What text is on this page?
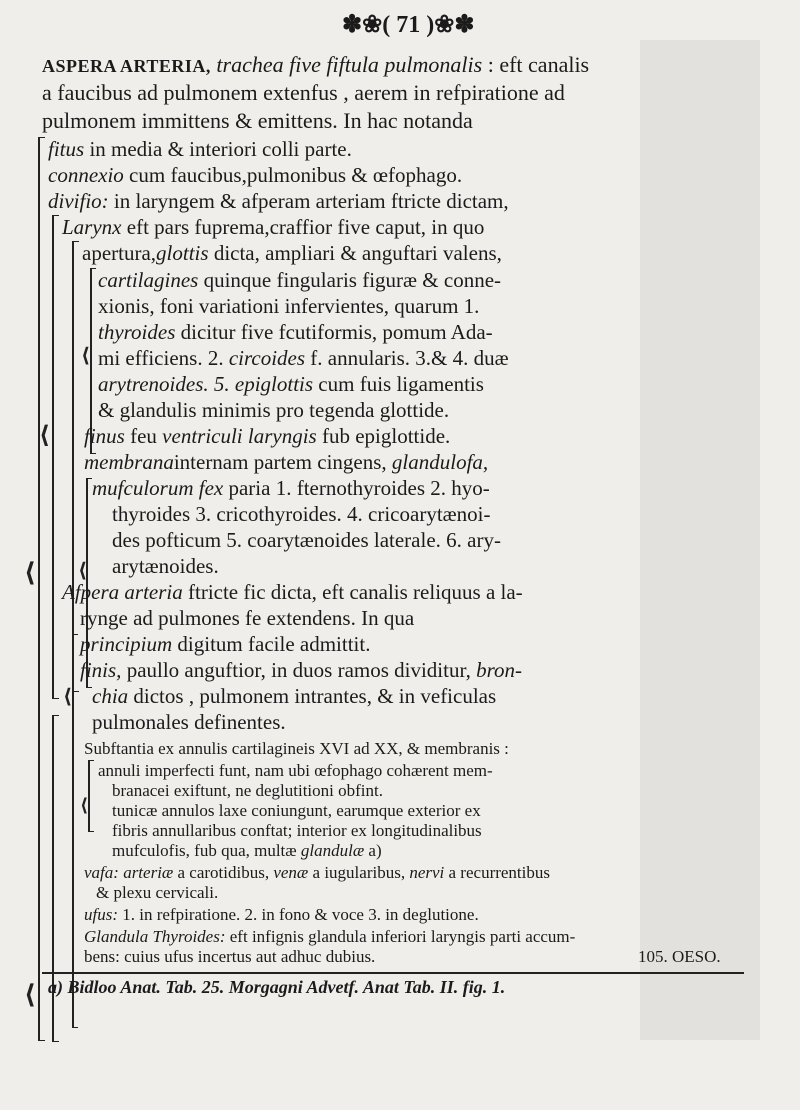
✽❀( 71 )❀✽
ASPERA ARTERIA, trachea five fiftula pulmonalis : eft canalis
a faucibus ad pulmonem extenfus , aerem in refpiratione ad
pulmonem immittens & emittens. In hac notanda
⟨
⟨
fitus in media & interiori colli parte.
connexio cum faucibus,pulmonibus & œfophago.
divifio: in laryngem & afperam arteriam ftricte dictam,
⟨
Larynx eft pars fuprema,craffior five caput, in quo
apertura,glottis dicta, ampliari & anguftari valens,
⟨
cartilagines quinque fingularis figuræ & conne-
xionis, foni variationi infervientes, quarum 1.
thyroides dicitur five fcutiformis, pomum Ada-
mi efficiens. 2. circoides f. annularis. 3.& 4. duæ
arytrenoides. 5. epiglottis cum fuis ligamentis
& glandulis minimis pro tegenda glottide.
finus feu ventriculi laryngis fub epiglottide.
membranainternam partem cingens, glandulofa,
⟨
mufculorum fex paria 1. fternothyroides 2. hyo-
thyroides 3. cricothyroides. 4. cricoarytænoi-
des pofticum 5. coarytænoides laterale. 6. ary-
arytænoides.
Afpera arteria ftricte fic dicta, eft canalis reliquus a la-
rynge ad pulmones fe extendens. In qua
⟨
principium digitum facile admittit.
finis, paullo anguftior, in duos ramos dividitur, bron-
chia dictos , pulmonem intrantes, & in veficulas
pulmonales definentes.
Subftantia ex annulis cartilagineis XVI ad XX, & membranis :
⟨
annuli imperfecti funt, nam ubi œfophago cohærent mem-
branacei exiftunt, ne deglutitioni obfint.
tunicæ annulos laxe coniungunt, earumque exterior ex
fibris annullaribus conftat; interior ex longitudinalibus
mufculofis, fub qua, multæ glandulæ a)
vafa: arteriæ a carotidibus, venæ a iugularibus, nervi a recurrentibus
& plexu cervicali.
ufus: 1. in refpiratione. 2. in fono & voce 3. in deglutione.
Glandula Thyroides: eft infignis glandula inferiori laryngis parti accum-
bens: cuius ufus incertus aut adhuc dubius.	105. OESO.
a) Bidloo Anat. Tab. 25. Morgagni Advetf. Anat Tab. II. fig. 1.
